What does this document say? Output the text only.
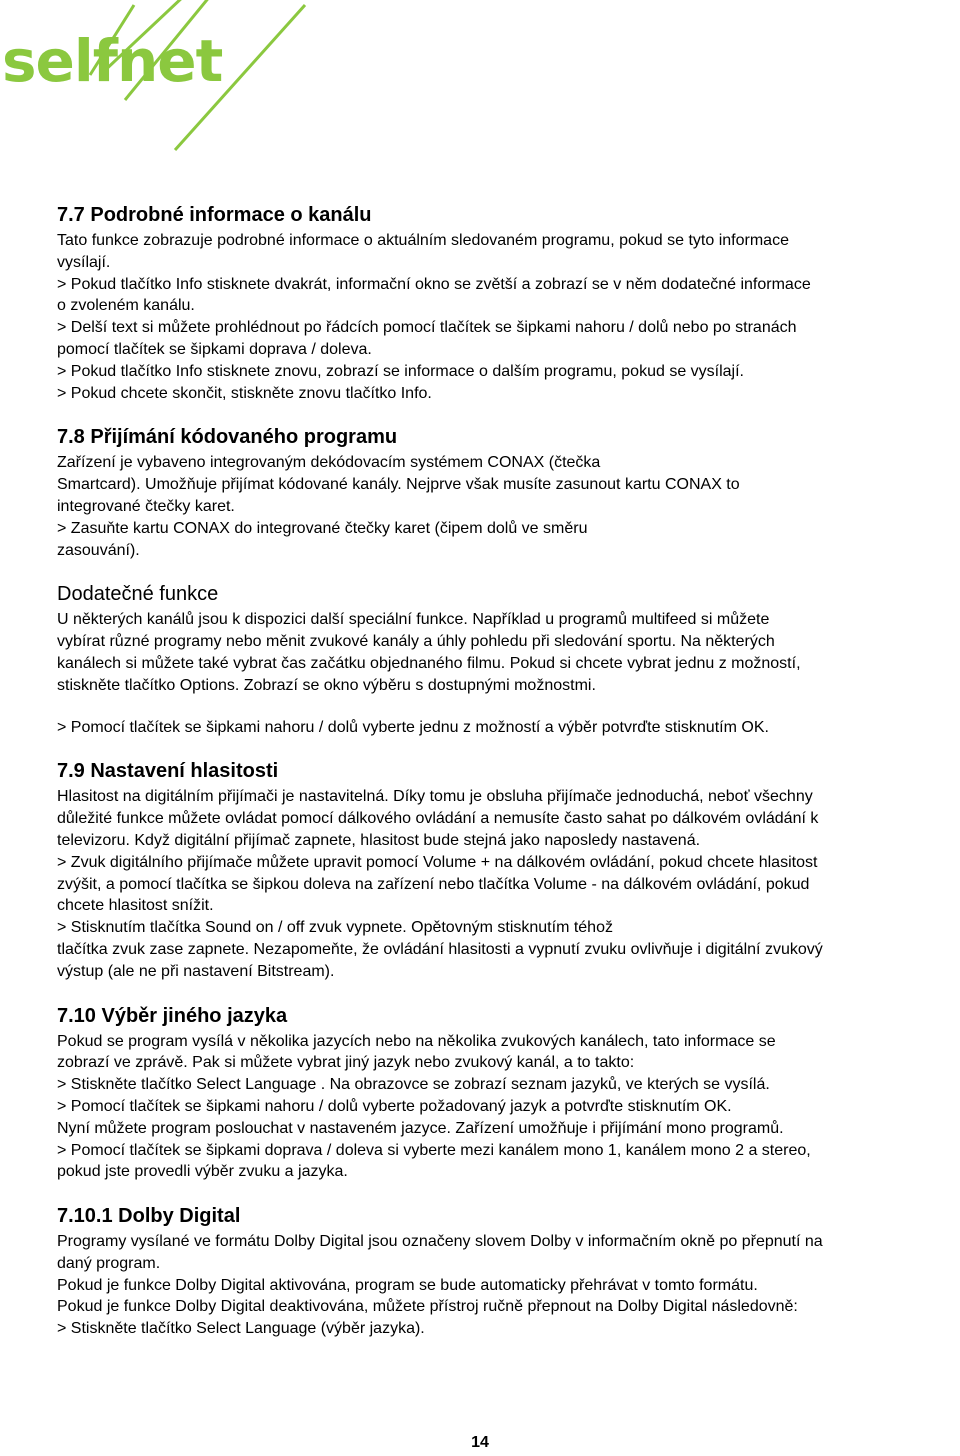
selfnet
7.7 Podrobné informace o kanálu

Tato funkce zobrazuje podrobné informace o aktuálním sledovaném programu, pokud se tyto informace
vysílají.
> Pokud tlačítko Info stisknete dvakrát, informační okno se zvětší a zobrazí se v něm dodatečné informace
o zvoleném kanálu.
> Delší text si můžete prohlédnout po řádcích pomocí tlačítek se šipkami nahoru / dolů nebo po stranách
pomocí tlačítek se šipkami doprava / doleva.
> Pokud tlačítko Info stisknete znovu, zobrazí se informace o dalším programu, pokud se vysílají.
> Pokud chcete skončit, stiskněte znovu tlačítko Info.

7.8 Přijímání kódovaného programu

Zařízení je vybaveno integrovaným dekódovacím systémem CONAX (čtečka
Smartcard). Umožňuje přijímat kódované kanály. Nejprve však musíte zasunout kartu CONAX to
integrované čtečky karet.
> Zasuňte kartu CONAX do integrované čtečky karet (čipem dolů ve směru
zasouvání).

Dodatečné funkce

U některých kanálů jsou k dispozici další speciální funkce. Například u programů multifeed si můžete
vybírat různé programy nebo měnit zvukové kanály a úhly pohledu při sledování sportu. Na některých
kanálech si můžete také vybrat čas začátku objednaného filmu. Pokud si chcete vybrat jednu z možností,
stiskněte tlačítko Options. Zobrazí se okno výběru s dostupnými možnostmi.

> Pomocí tlačítek se šipkami nahoru / dolů vyberte jednu z možností a výběr potvrďte stisknutím OK.

7.9 Nastavení hlasitosti

Hlasitost na digitálním přijímači je nastavitelná. Díky tomu je obsluha přijímače jednoduchá, neboť všechny
důležité funkce můžete ovládat pomocí dálkového ovládání a nemusíte často sahat po dálkovém ovládání k
televizoru. Když digitální přijímač zapnete, hlasitost bude stejná jako naposledy nastavená.
> Zvuk digitálního přijímače můžete upravit pomocí Volume + na dálkovém ovládání, pokud chcete hlasitost
zvýšit, a pomocí tlačítka se šipkou doleva na zařízení nebo tlačítka Volume - na dálkovém ovládání, pokud
chcete hlasitost snížit.
> Stisknutím tlačítka Sound on / off zvuk vypnete. Opětovným stisknutím téhož
tlačítka zvuk zase zapnete. Nezapomeňte, že ovládání hlasitosti a vypnutí zvuku ovlivňuje i digitální zvukový
výstup (ale ne při nastavení Bitstream).

7.10 Výběr jiného jazyka

Pokud se program vysílá v několika jazycích nebo na několika zvukových kanálech, tato informace se
zobrazí ve zprávě. Pak si můžete vybrat jiný jazyk nebo zvukový kanál, a to takto:
> Stiskněte tlačítko Select Language . Na obrazovce se zobrazí seznam jazyků, ve kterých se vysílá.
> Pomocí tlačítek se šipkami nahoru / dolů vyberte požadovaný jazyk a potvrďte stisknutím OK.
Nyní můžete program poslouchat v nastaveném jazyce. Zařízení umožňuje i přijímání mono programů.
> Pomocí tlačítek se šipkami doprava / doleva si vyberte mezi kanálem mono 1, kanálem mono 2 a stereo,
pokud jste provedli výběr zvuku a jazyka.

7.10.1 Dolby Digital

Programy vysílané ve formátu Dolby Digital jsou označeny slovem Dolby v informačním okně po přepnutí na
daný program.
Pokud je funkce Dolby Digital aktivována, program se bude automaticky přehrávat v tomto formátu.
Pokud je funkce Dolby Digital deaktivována, můžete přístroj ručně přepnout na Dolby Digital následovně:
> Stiskněte tlačítko Select Language (výběr jazyka).

14
